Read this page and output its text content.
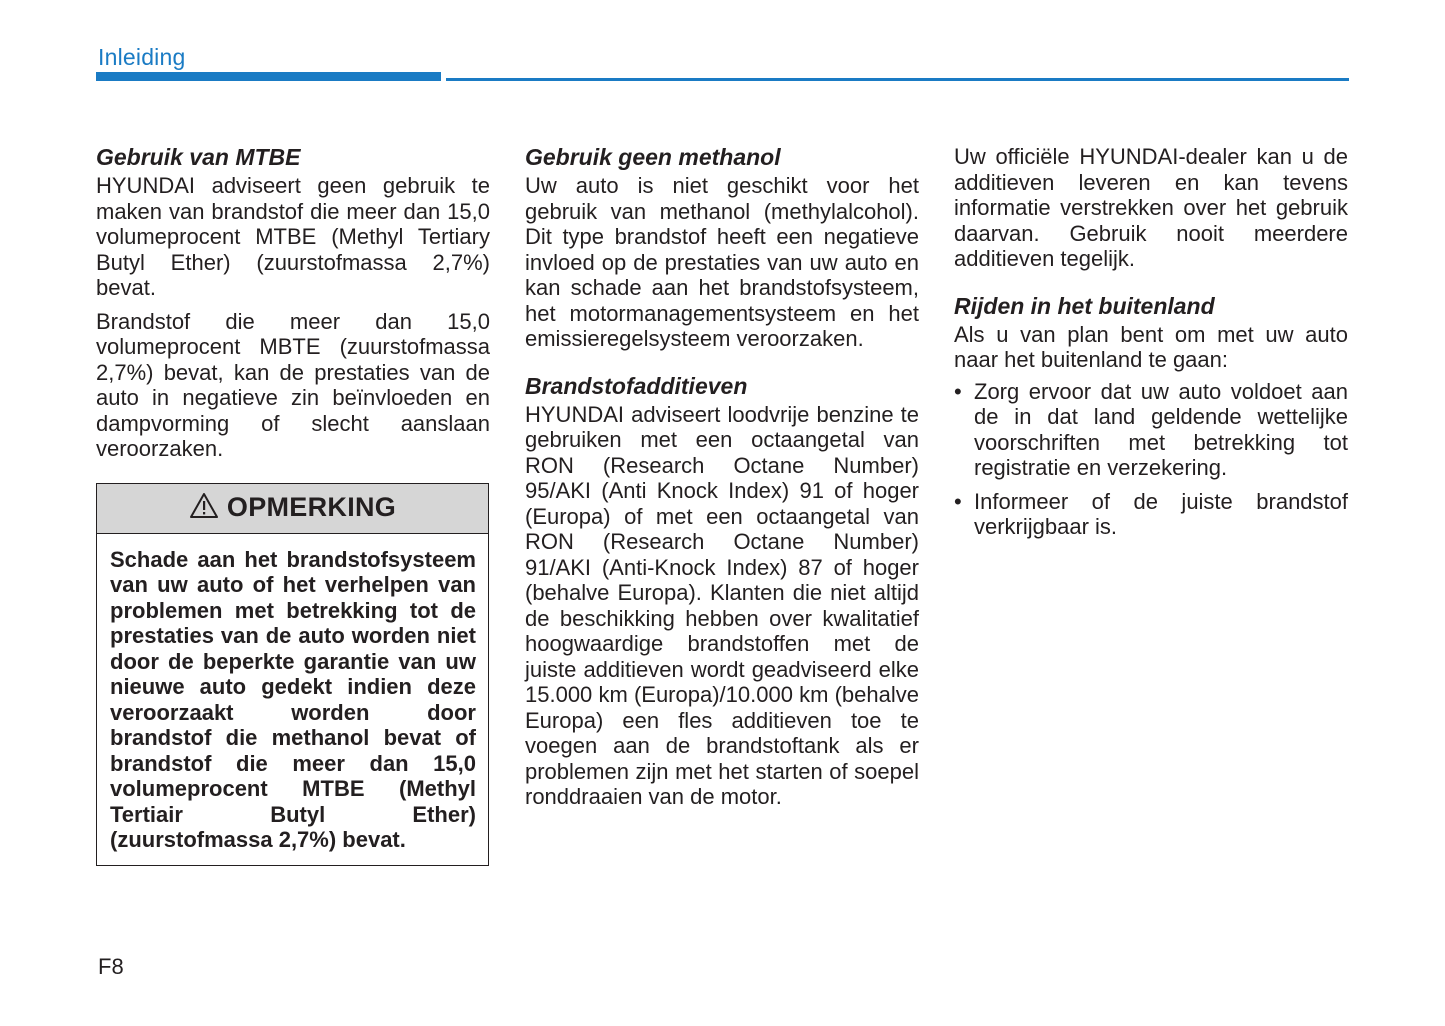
Inleiding
Gebruik van MTBE

HYUNDAI adviseert geen gebruik te maken van brandstof die meer dan 15,0 volumeprocent MTBE (Methyl Tertiary Butyl Ether) (zuurstofmassa 2,7%) bevat.

Brandstof die meer dan 15,0 volumeprocent MBTE (zuurstofmassa 2,7%) bevat, kan de prestaties van de auto in negatieve zin beïnvloeden en dampvorming of slecht aanslaan veroorzaken.

OPMERKING

Schade aan het brandstofsysteem van uw auto of het verhelpen van problemen met betrekking tot de prestaties van de auto worden niet door de beperkte garantie van uw nieuwe auto gedekt indien deze veroorzaakt worden door brandstof die methanol bevat of brandstof die meer dan 15,0 volumeprocent MTBE (Methyl Tertiair Butyl Ether) (zuurstofmassa 2,7%) bevat.

Gebruik geen methanol

Uw auto is niet geschikt voor het gebruik van methanol (methylalcohol). Dit type brandstof heeft een negatieve invloed op de prestaties van uw auto en kan schade aan het brandstofsysteem, het motormanagementsysteem en het emissieregelsysteem veroorzaken.

Brandstofadditieven

HYUNDAI adviseert loodvrije benzine te gebruiken met een octaangetal van RON (Research Octane Number) 95/AKI (Anti Knock Index) 91 of hoger (Europa) of met een octaangetal van RON (Research Octane Number) 91/AKI (Anti-Knock Index) 87 of hoger (behalve Europa). Klanten die niet altijd de beschikking hebben over kwalitatief hoogwaardige brandstoffen met de juiste additieven wordt geadviseerd elke 15.000 km (Europa)/10.000 km (behalve Europa) een fles additieven toe te voegen aan de brandstoftank als er problemen zijn met het starten of soepel ronddraaien van de motor.

Uw officiële HYUNDAI-dealer kan u de additieven leveren en kan tevens informatie verstrekken over het gebruik daarvan. Gebruik nooit meerdere additieven tegelijk.

Rijden in het buitenland

Als u van plan bent om met uw auto naar het buitenland te gaan:

• Zorg ervoor dat uw auto voldoet aan de in dat land geldende wettelijke voorschriften met betrekking tot registratie en verzekering.

• Informeer of de juiste brandstof verkrijgbaar is.

F8
